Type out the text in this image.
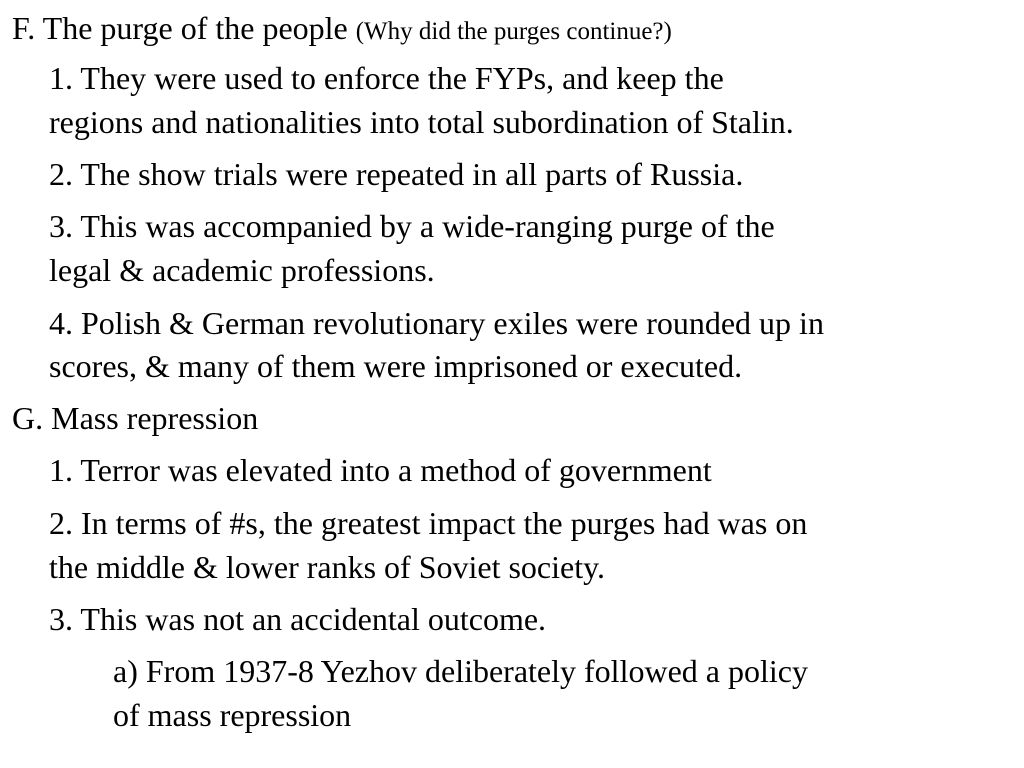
F. The purge of the people (Why did the purges continue?)
1. They were used to enforce the FYPs, and keep the
regions and nationalities into total subordination of Stalin.
2. The show trials were repeated in all parts of Russia.
3. This was accompanied by a wide-ranging purge of the
legal & academic professions.
4. Polish & German revolutionary exiles were rounded up in
scores, & many of them were imprisoned or executed.
G. Mass repression
1. Terror was elevated into a method of government
2. In terms of #s, the greatest impact the purges had was on
the middle & lower ranks of Soviet society.
3. This was not an accidental outcome.
a) From 1937-8 Yezhov deliberately followed a policy
of mass repression
